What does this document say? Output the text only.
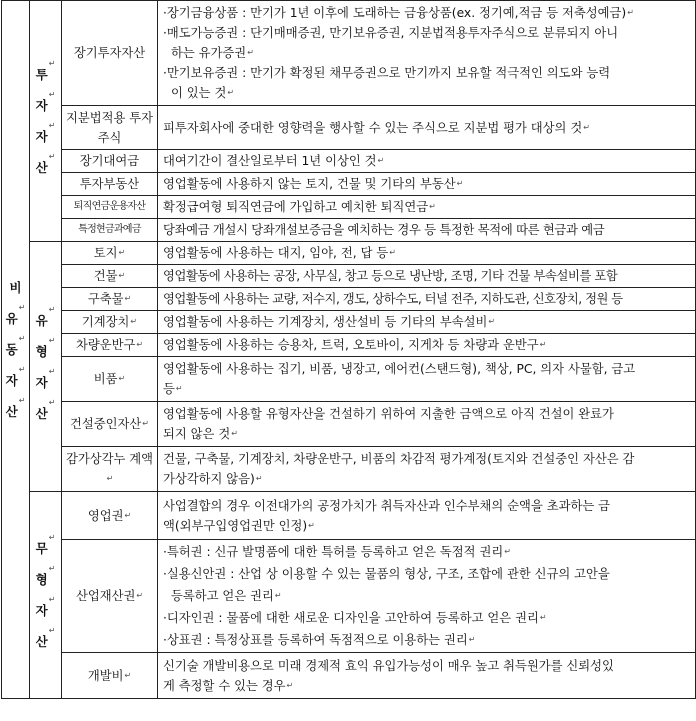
비
유↵
동↵
자↵
산↵	투↵
자↵
자↵
산↵	장기투자자산	·장기금융상품 : 만기가 1년 이후에 도래하는 금융상품(ex. 정기예,적금 등 저축성예금)↵
·매도가능증권 : 단기매매증권, 만기보유증권, 지분법적용투자주식으로 분류되지 아니
하는 유가증권↵
·만기보유증권 : 만기가 확정된 채무증권으로 만기까지 보유할 적극적인 의도와 능력
이 있는 것↵

		지분법적용 투자주식	피투자회사에 중대한 영향력을 행사할 수 있는 주식으로 지분법 평가 대상의 것↵
		장기대여금	대여기간이 결산일로부터 1년 이상인 것↵
		투자부동산	영업활동에 사용하지 않는 토지, 건물 및 기타의 부동산↵
		퇴직연금운용자산	확정급여형 퇴직연금에 가입하고 예치한 퇴직연금↵
		특정현금과예금	당좌예금 개설시 당좌개설보증금을 예치하는 경우 등 특정한 목적에 따른 현금과 예금

	유↵
형↵
자↵
산↵	토지↵	영업활동에 사용하는 대지, 임야, 전, 답 등↵
		건물↵	영업활동에 사용하는 공장, 사무실, 창고 등으로 냉난방, 조명, 기타 건물 부속설비를 포함
		구축물↵	영업활동에 사용하는 교량, 저수지, 갱도, 상하수도, 터널 전주, 지하도관, 신호장치, 정원 등
		기계장치↵	영업활동에 사용하는 기계장치, 생산설비 등 기타의 부속설비↵
		차량운반구↵	영업활동에 사용하는 승용차, 트럭, 오토바이, 지게차 등 차량과 운반구↵
		비품↵	영업활동에 사용하는 집기, 비품, 냉장고, 에어컨(스탠드형), 책상, PC, 의자 사물함, 금고
등↵

		건설중인자산↵	영업활동에 사용할 유형자산을 건설하기 위하여 지출한 금액으로 아직 건설이 완료가
되지 않은 것↵

		감가상각누 계액↵	건물, 구축물, 기계장치, 차량운반구, 비품의 차감적 평가계정(토지와 건설중인 자산은 감
가상각하지 않음)↵

	무↵
형↵
자↵
산↵	영업권↵	사업결합의 경우 이전대가의 공정가치가 취득자산과 인수부채의 순액을 초과하는 금
액(외부구입영업권만 인정)↵

		산업재산권↵	·특허권 : 신규 발명품에 대한 특허를 등록하고 얻은 독점적 권리↵
·실용신안권 : 산업 상 이용할 수 있는 물품의 형상, 구조, 조합에 관한 신규의 고안을
등록하고 얻은 권리↵
·디자인권 : 물품에 대한 새로운 디자인을 고안하여 등록하고 얻은 권리↵
·상표권 : 특정상표를 등록하여 독점적으로 이용하는 권리↵

		개발비↵	신기술 개발비용으로 미래 경제적 효익 유입가능성이 매우 높고 취득원가를 신뢰성있
게 측정할 수 있는 경우↵
